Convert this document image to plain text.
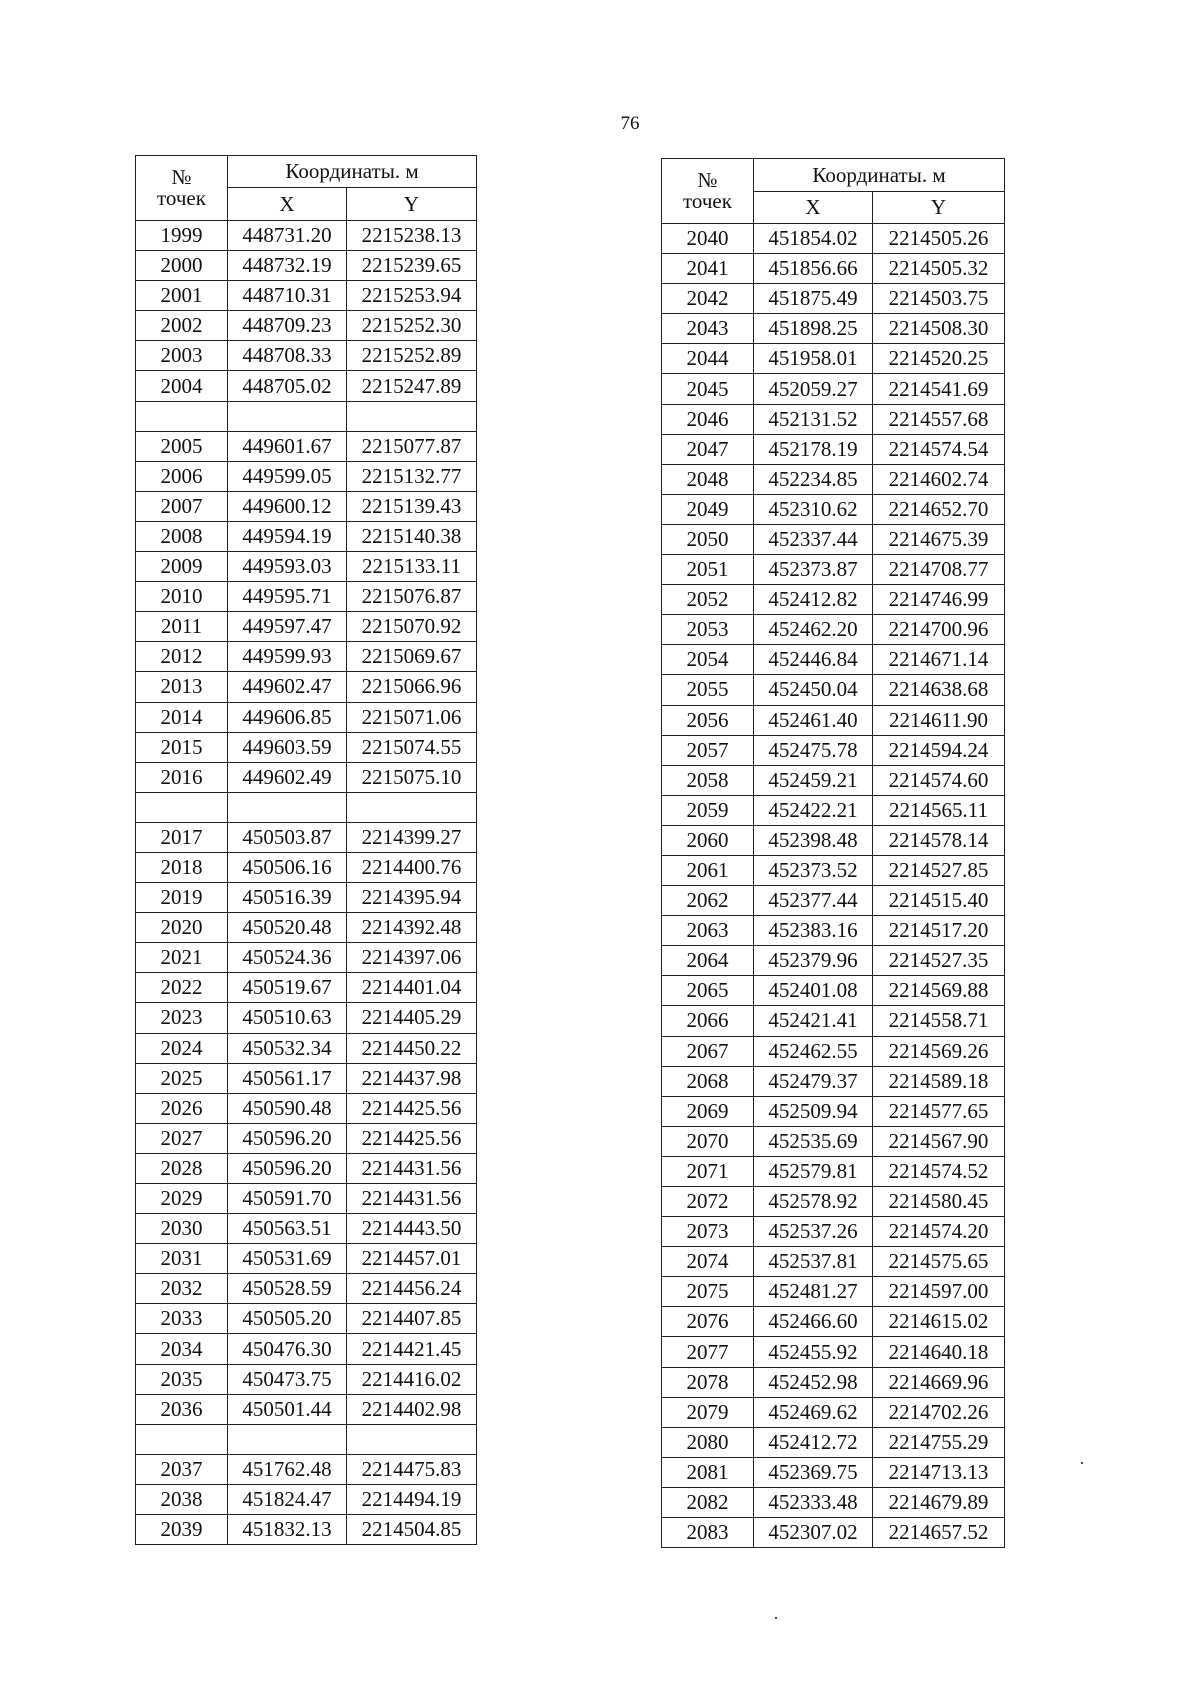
76
№
точек	Координаты. м	
	X	Y
1999	448731.20	2215238.13
2000	448732.19	2215239.65
2001	448710.31	2215253.94
2002	448709.23	2215252.30
2003	448708.33	2215252.89
2004	448705.02	2215247.89

2005	449601.67	2215077.87
2006	449599.05	2215132.77
2007	449600.12	2215139.43
2008	449594.19	2215140.38
2009	449593.03	2215133.11
2010	449595.71	2215076.87
2011	449597.47	2215070.92
2012	449599.93	2215069.67
2013	449602.47	2215066.96
2014	449606.85	2215071.06
2015	449603.59	2215074.55
2016	449602.49	2215075.10

2017	450503.87	2214399.27
2018	450506.16	2214400.76
2019	450516.39	2214395.94
2020	450520.48	2214392.48
2021	450524.36	2214397.06
2022	450519.67	2214401.04
2023	450510.63	2214405.29
2024	450532.34	2214450.22
2025	450561.17	2214437.98
2026	450590.48	2214425.56
2027	450596.20	2214425.56
2028	450596.20	2214431.56
2029	450591.70	2214431.56
2030	450563.51	2214443.50
2031	450531.69	2214457.01
2032	450528.59	2214456.24
2033	450505.20	2214407.85
2034	450476.30	2214421.45
2035	450473.75	2214416.02
2036	450501.44	2214402.98

2037	451762.48	2214475.83
2038	451824.47	2214494.19
2039	451832.13	2214504.85
№
точек	Координаты. м	
	X	Y
2040	451854.02	2214505.26
2041	451856.66	2214505.32
2042	451875.49	2214503.75
2043	451898.25	2214508.30
2044	451958.01	2214520.25
2045	452059.27	2214541.69
2046	452131.52	2214557.68
2047	452178.19	2214574.54
2048	452234.85	2214602.74
2049	452310.62	2214652.70
2050	452337.44	2214675.39
2051	452373.87	2214708.77
2052	452412.82	2214746.99
2053	452462.20	2214700.96
2054	452446.84	2214671.14
2055	452450.04	2214638.68
2056	452461.40	2214611.90
2057	452475.78	2214594.24
2058	452459.21	2214574.60
2059	452422.21	2214565.11
2060	452398.48	2214578.14
2061	452373.52	2214527.85
2062	452377.44	2214515.40
2063	452383.16	2214517.20
2064	452379.96	2214527.35
2065	452401.08	2214569.88
2066	452421.41	2214558.71
2067	452462.55	2214569.26
2068	452479.37	2214589.18
2069	452509.94	2214577.65
2070	452535.69	2214567.90
2071	452579.81	2214574.52
2072	452578.92	2214580.45
2073	452537.26	2214574.20
2074	452537.81	2214575.65
2075	452481.27	2214597.00
2076	452466.60	2214615.02
2077	452455.92	2214640.18
2078	452452.98	2214669.96
2079	452469.62	2214702.26
2080	452412.72	2214755.29
2081	452369.75	2214713.13
2082	452333.48	2214679.89
2083	452307.02	2214657.52
